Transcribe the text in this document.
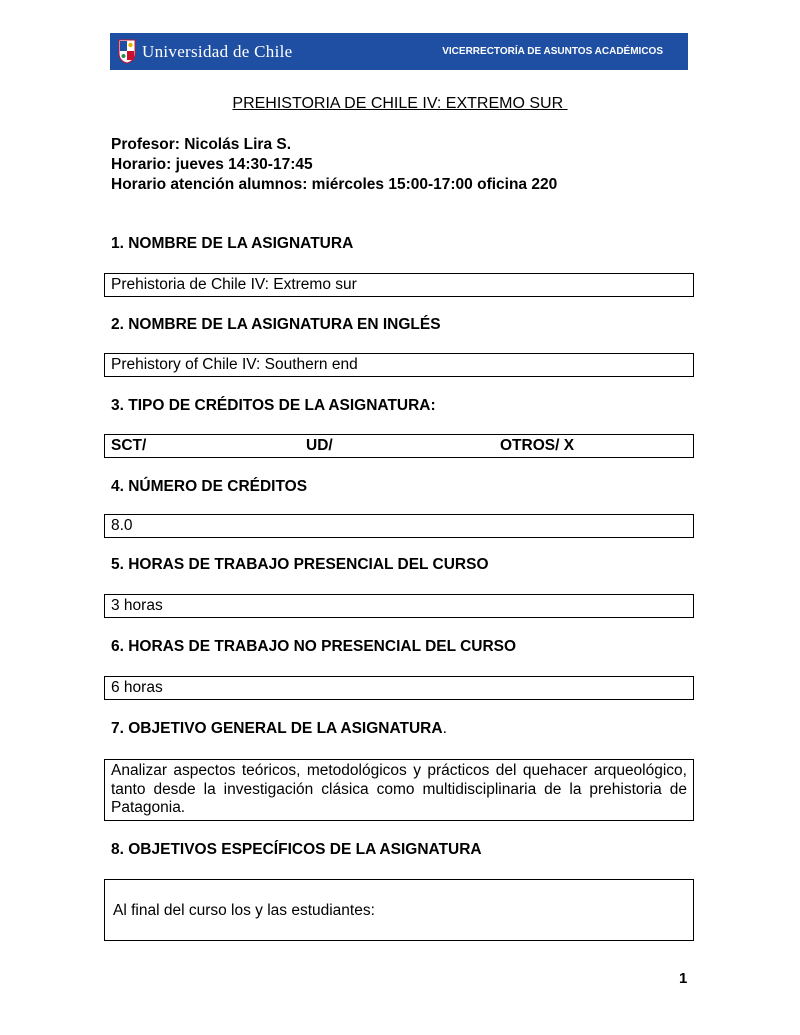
Universidad de Chile	VICERRECTORÍA DE ASUNTOS ACADÉMICOS
PREHISTORIA DE CHILE IV: EXTREMO SUR
Profesor: Nicolás Lira S.
Horario: jueves 14:30-17:45
Horario atención alumnos: miércoles 15:00-17:00 oficina 220
1. NOMBRE DE LA ASIGNATURA
Prehistoria de Chile IV: Extremo sur
2. NOMBRE DE LA ASIGNATURA EN INGLÉS
Prehistory of Chile IV: Southern end
3. TIPO DE CRÉDITOS DE LA ASIGNATURA:
SCT/	UD/	OTROS/ X
4. NÚMERO DE CRÉDITOS
8.0
5. HORAS DE TRABAJO PRESENCIAL DEL CURSO
3 horas
6. HORAS DE TRABAJO NO PRESENCIAL DEL CURSO
6 horas
7. OBJETIVO GENERAL DE LA ASIGNATURA.
Analizar aspectos teóricos, metodológicos y prácticos del quehacer arqueológico, tanto desde la investigación clásica como multidisciplinaria de la prehistoria de Patagonia.
8. OBJETIVOS ESPECÍFICOS DE LA ASIGNATURA
Al final del curso los y las estudiantes:
1
